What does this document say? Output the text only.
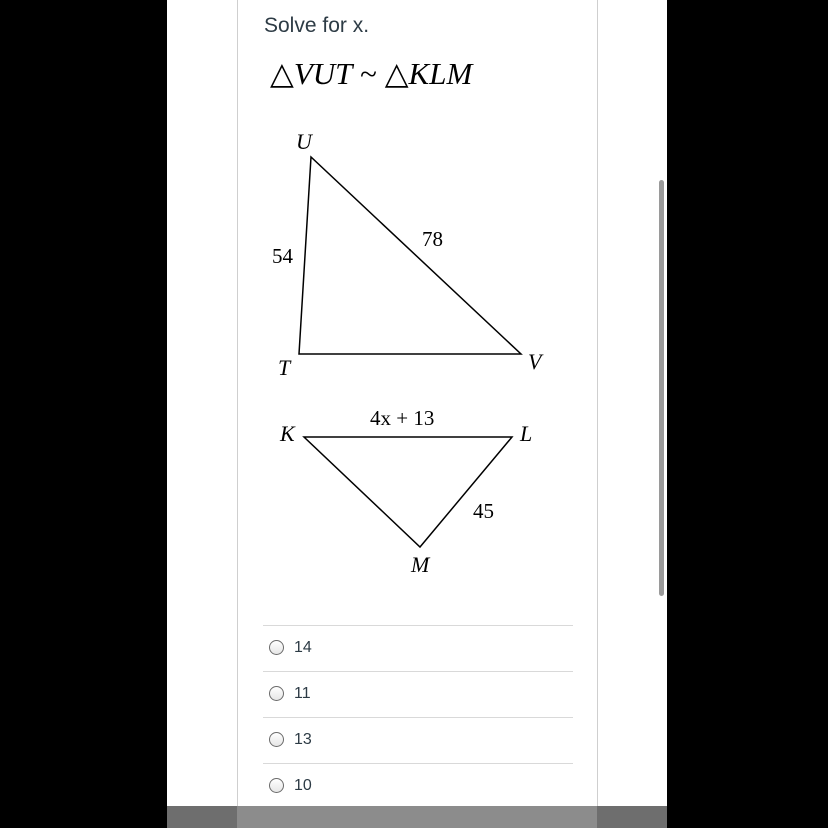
Solve for x.
△VUT ~ △KLM
U
T	V
54
78
K	L
M
4x + 13
45
14
11
13
10
